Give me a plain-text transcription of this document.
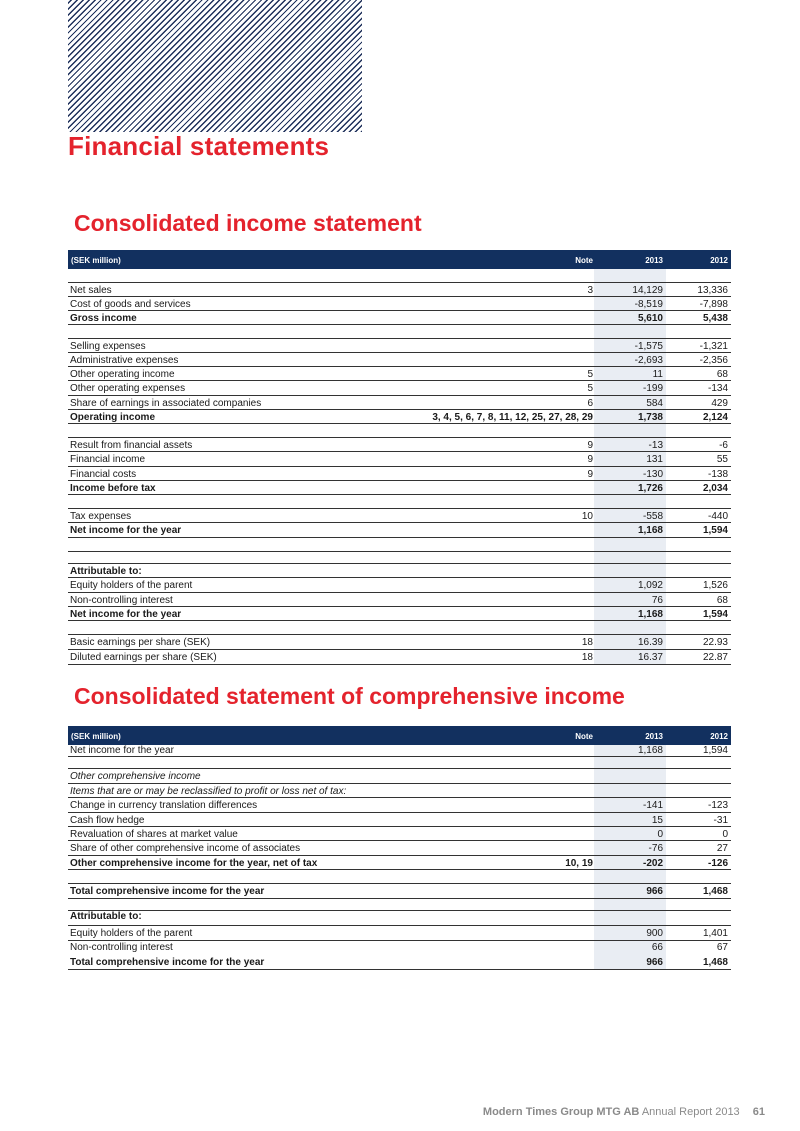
Financial statements
Consolidated income statement
(SEK million)	Note	2013	2012
Consolidated statement of comprehensive income
(SEK million)	Note	2013	2012
Net sales	3	14,129	13,336
Cost of goods and services	-8,519	-7,898
Gross income	5,610	5,438
Selling expenses	-1,575	-1,321
Administrative expenses	-2,693	-2,356
Other operating income	5	11	68
Other operating expenses	5	-199	-134
Share of earnings in associated companies	6	584	429
Operating income	3, 4, 5, 6, 7, 8, 11, 12, 25, 27, 28, 29	1,738	2,124
Result from financial assets	9	-13	-6
Financial income	9	131	55
Financial costs	9	-130	-138
Income before tax	1,726	2,034
Tax expenses	10	-558	-440
Net income for the year	1,168	1,594
Attributable to:
Equity holders of the parent	1,092	1,526
Non-controlling interest	76	68
Net income for the year	1,168	1,594
Basic earnings per share (SEK)	18	16.39	22.93
Diluted earnings per share (SEK)	18	16.37	22.87
Net income for the year	1,168	1,594
Other comprehensive income
Items that are or may be reclassified to profit or loss net of tax:
Change in currency translation differences	-141	-123
Cash flow hedge	15	-31
Revaluation of shares at market value	0	0
Share of other comprehensive income of associates	-76	27
Other comprehensive income for the year, net of tax	10, 19	-202	-126
Total comprehensive income for the year	966	1,468
Attributable to:
Equity holders of the parent	900	1,401
Non-controlling interest	66	67
Total comprehensive income for the year	966	1,468
Modern Times Group MTG AB Annual Report 2013 61
